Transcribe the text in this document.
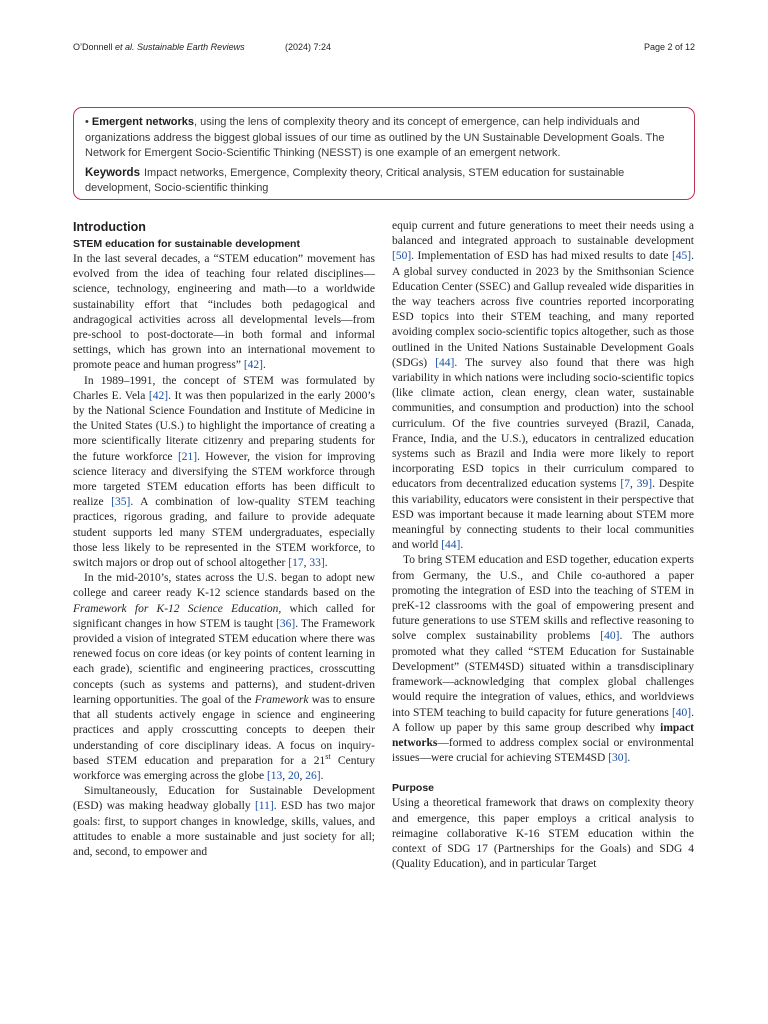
O’Donnell et al. Sustainable Earth Reviews	(2024) 7:24	Page 2 of 12

• Emergent networks, using the lens of complexity theory and its concept of emergence, can help individuals and organizations address the biggest global issues of our time as outlined by the UN Sustainable Development Goals. The Network for Emergent Socio-Scientific Thinking (NESST) is one example of an emergent network.

Keywords Impact networks, Emergence, Complexity theory, Critical analysis, STEM education for sustainable development, Socio-scientific thinking

Introduction
STEM education for sustainable development

In the last several decades, a “STEM education” movement has evolved from the idea of teaching four related disciplines—science, technology, engineering and math—to a worldwide sustainability effort that “includes both pedagogical and andragogical activities across all developmental levels—from pre-school to post-doctorate—in both formal and informal settings, which has grown into an international movement to promote peace and human progress” [42].

In 1989–1991, the concept of STEM was formulated by Charles E. Vela [42]. It was then popularized in the early 2000’s by the National Science Foundation and Institute of Medicine in the United States (U.S.) to highlight the importance of creating a more scientifically literate citizenry and preparing students for the future workforce [21]. However, the vision for improving science literacy and diversifying the STEM workforce through more targeted STEM education efforts has been difficult to realize [35]. A combination of low-quality STEM teaching practices, rigorous grading, and failure to provide adequate student supports led many STEM undergraduates, especially those less likely to be represented in the STEM workforce, to switch majors or drop out of school altogether [17, 33].

In the mid-2010’s, states across the U.S. began to adopt new college and career ready K-12 science standards based on the Framework for K-12 Science Education, which called for significant changes in how STEM is taught [36]. The Framework provided a vision of integrated STEM education where there was renewed focus on core ideas (or key points of content learning in each grade), scientific and engineering practices, crosscutting concepts (such as systems and patterns), and student-driven learning opportunities. The goal of the Framework was to ensure that all students actively engage in science and engineering practices and apply crosscutting concepts to deepen their understanding of core disciplinary ideas. A focus on inquiry-based STEM education and preparation for a 21st Century workforce was emerging across the globe [13, 20, 26].

Simultaneously, Education for Sustainable Development (ESD) was making headway globally [11]. ESD has two major goals: first, to support changes in knowledge, skills, values, and attitudes to enable a more sustainable and just society for all; and, second, to empower and

equip current and future generations to meet their needs using a balanced and integrated approach to sustainable development [50]. Implementation of ESD has had mixed results to date [45]. A global survey conducted in 2023 by the Smithsonian Science Education Center (SSEC) and Gallup revealed wide disparities in the way teachers across five countries reported incorporating ESD topics into their STEM teaching, and many reported avoiding complex socio-scientific topics altogether, such as those outlined in the United Nations Sustainable Development Goals (SDGs) [44]. The survey also found that there was high variability in which nations were including socio-scientific topics (like climate action, clean energy, clean water, sustainable communities, and consumption and production) into the school curriculum. Of the five countries surveyed (Brazil, Canada, France, India, and the U.S.), educators in centralized education systems such as Brazil and India were more likely to report incorporating ESD topics in their curriculum compared to educators from decentralized education systems [7, 39]. Despite this variability, educators were consistent in their perspective that ESD was important because it made learning about STEM more meaningful by connecting students to their local communities and world [44].

To bring STEM education and ESD together, education experts from Germany, the U.S., and Chile co-authored a paper promoting the integration of ESD into the teaching of STEM in preK-12 classrooms with the goal of empowering present and future generations to use STEM skills and reflective reasoning to solve complex sustainability problems [40]. The authors promoted what they called “STEM Education for Sustainable Development” (STEM4SD) situated within a transdisciplinary framework—acknowledging that complex global challenges would require the integration of values, ethics, and worldviews into STEM teaching to build capacity for future generations [40]. A follow up paper by this same group described why impact networks—formed to address complex social or environmental issues—were crucial for achieving STEM4SD [30].

Purpose

Using a theoretical framework that draws on complexity theory and emergence, this paper employs a critical analysis to reimagine collaborative K-16 STEM education within the context of SDG 17 (Partnerships for the Goals) and SDG 4 (Quality Education), and in particular Target
